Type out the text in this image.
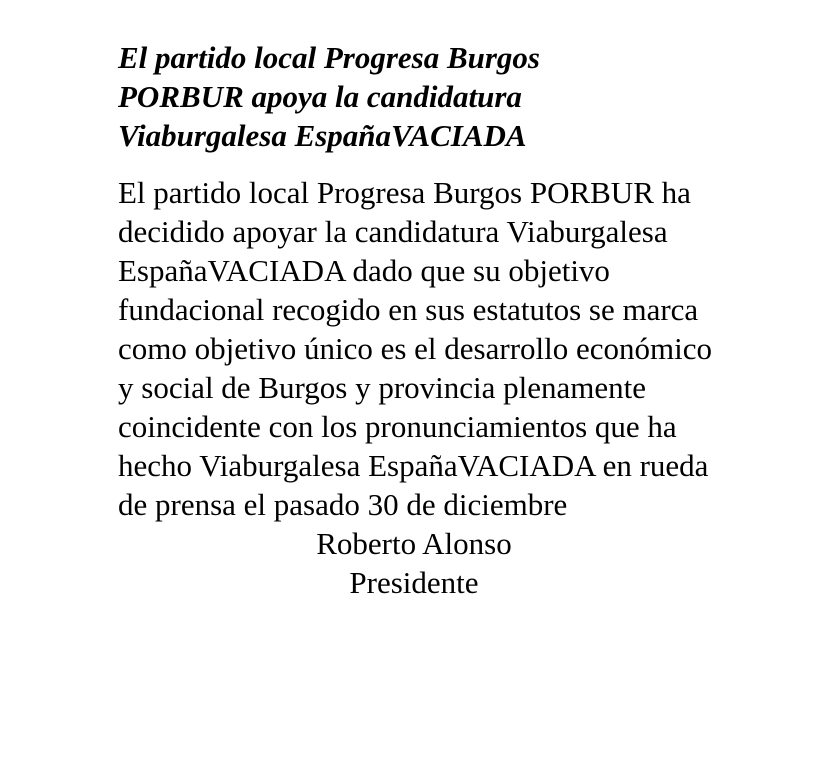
El partido local Progresa Burgos PORBUR apoya la candidatura Viaburgalesa EspañaVACIADA

El partido local Progresa Burgos PORBUR ha decidido apoyar la candidatura Viaburgalesa EspañaVACIADA dado que su objetivo fundacional recogido en sus estatutos se marca como objetivo único es el desarrollo económico y social de Burgos y provincia plenamente coincidente con los pronunciamientos que ha hecho Viaburgalesa EspañaVACIADA en rueda de prensa el pasado 30 de diciembre

Roberto Alonso
Presidente
